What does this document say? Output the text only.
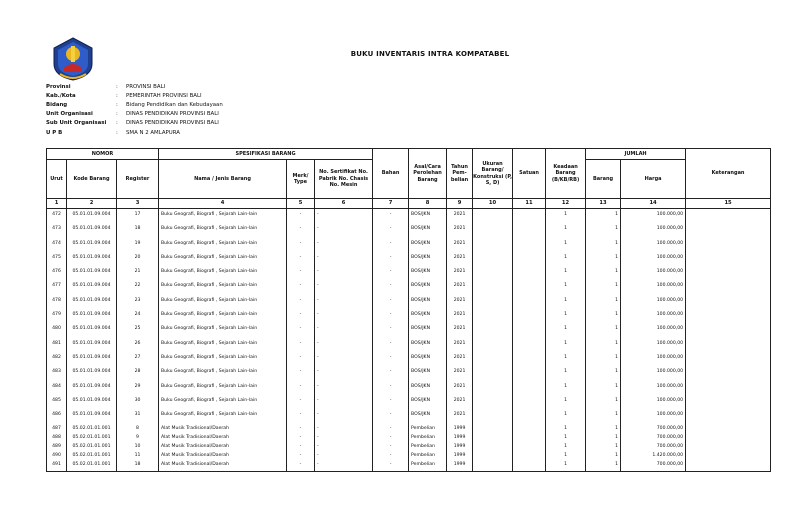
BUKU INVENTARIS INTRA KOMPATABEL
Provinsi	:	PROVINSI BALI
Kab./Kota	:	PEMERINTAH PROVINSI BALI
Bidang	:	Bidang Pendidikan dan Kebudayaan
Unit Organisasi	:	DINAS PENDIDIKAN PROVINSI BALI
Sub Unit Organisasi	:	DINAS PENDIDIKAN PROVINSI BALI
U P B	:	SMA N 2 AMLAPURA
NOMOR			SPESIFIKASI BARANG			Bahan	Asal/Cara Perolehan Barang	Tahun Pem- belian	Ukuran Barang/ Konstruksi (P, S, D)	Satuan	Keadaan Barang (B/KB/RB)	JUMLAH		Keterangan
Urut	Kode Barang	Register	Nama / Jenis Barang	Merk/ Type	No. Sertifikat No. Pabrik No. Chasis No. Mesin							Barang	Harga	
1	2	3	4	5	6	7	8	9	10	11	12	13	14	15

472	05.01.01.09.004	17	Buku Geografi, Biografi , Sejarah Lain-lain	-	-	-	BOS/JKN	2021			1	1	100.000,00	
473	05.01.01.09.004	18	Buku Geografi, Biografi , Sejarah Lain-lain	-	-	-	BOS/JKN	2021			1	1	100.000,00	
474	05.01.01.09.004	19	Buku Geografi, Biografi , Sejarah Lain-lain	-	-	-	BOS/JKN	2021			1	1	100.000,00	
475	05.01.01.09.004	20	Buku Geografi, Biografi , Sejarah Lain-lain	-	-	-	BOS/JKN	2021			1	1	100.000,00	
476	05.01.01.09.004	21	Buku Geografi, Biografi , Sejarah Lain-lain	-	-	-	BOS/JKN	2021			1	1	100.000,00	
477	05.01.01.09.004	22	Buku Geografi, Biografi , Sejarah Lain-lain	-	-	-	BOS/JKN	2021			1	1	100.000,00	
478	05.01.01.09.004	23	Buku Geografi, Biografi , Sejarah Lain-lain	-	-	-	BOS/JKN	2021			1	1	100.000,00	
479	05.01.01.09.004	24	Buku Geografi, Biografi , Sejarah Lain-lain	-	-	-	BOS/JKN	2021			1	1	100.000,00	
480	05.01.01.09.004	25	Buku Geografi, Biografi , Sejarah Lain-lain	-	-	-	BOS/JKN	2021			1	1	100.000,00	
481	05.01.01.09.004	26	Buku Geografi, Biografi , Sejarah Lain-lain	-	-	-	BOS/JKN	2021			1	1	100.000,00	
482	05.01.01.09.004	27	Buku Geografi, Biografi , Sejarah Lain-lain	-	-	-	BOS/JKN	2021			1	1	100.000,00	
483	05.01.01.09.004	28	Buku Geografi, Biografi , Sejarah Lain-lain	-	-	-	BOS/JKN	2021			1	1	100.000,00	
484	05.01.01.09.004	29	Buku Geografi, Biografi , Sejarah Lain-lain	-	-	-	BOS/JKN	2021			1	1	100.000,00	
485	05.01.01.09.004	30	Buku Geografi, Biografi , Sejarah Lain-lain	-	-	-	BOS/JKN	2021			1	1	100.000,00	
486	05.01.01.09.004	31	Buku Geografi, Biografi , Sejarah Lain-lain	-	-	-	BOS/JKN	2021			1	1	100.000,00	
487	05.02.01.01.001	8	Alat Musik Tradisional/Daerah	-	-	-	Pembelian	1999			1	1	700.000,00	
488	05.02.01.01.001	9	Alat Musik Tradisional/Daerah	-	-	-	Pembelian	1999			1	1	700.000,00	
489	05.02.01.01.001	10	Alat Musik Tradisional/Daerah	-	-	-	Pembelian	1999			1	1	700.000,00	
490	05.02.01.01.001	11	Alat Musik Tradisional/Daerah	-	-	-	Pembelian	1999			1	1	1.420.000,00	
491	05.02.01.01.001	18	Alat Musik Tradisional/Daerah	-	-	-	Pembelian	1999			1	1	700.000,00	
